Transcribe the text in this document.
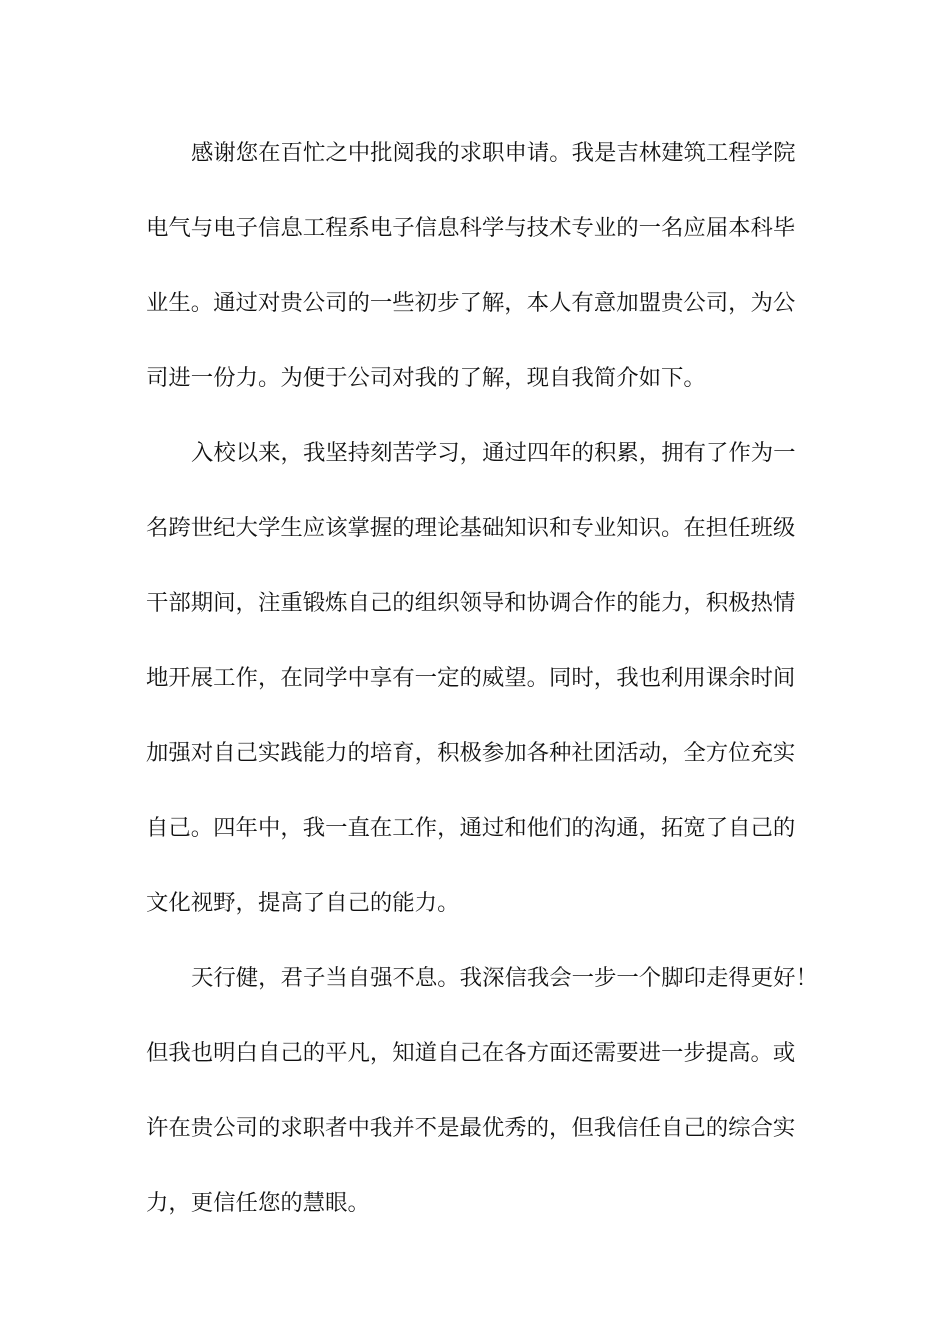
感谢您在百忙之中批阅我的求职申请。我是吉林建筑工程学院
电气与电子信息工程系电子信息科学与技术专业的一名应届本科毕
业生。通过对贵公司的一些初步了解，本人有意加盟贵公司，为公
司进一份力。为便于公司对我的了解，现自我简介如下。
入校以来，我坚持刻苦学习，通过四年的积累，拥有了作为一
名跨世纪大学生应该掌握的理论基础知识和专业知识。在担任班级
干部期间，注重锻炼自己的组织领导和协调合作的能力，积极热情
地开展工作，在同学中享有一定的威望。同时，我也利用课余时间
加强对自己实践能力的培育，积极参加各种社团活动，全方位充实
自己。四年中，我一直在工作，通过和他们的沟通，拓宽了自己的
文化视野，提高了自己的能力。
天行健，君子当自强不息。我深信我会一步一个脚印走得更好！
但我也明白自己的平凡，知道自己在各方面还需要进一步提高。或
许在贵公司的求职者中我并不是最优秀的，但我信任自己的综合实
力，更信任您的慧眼。
